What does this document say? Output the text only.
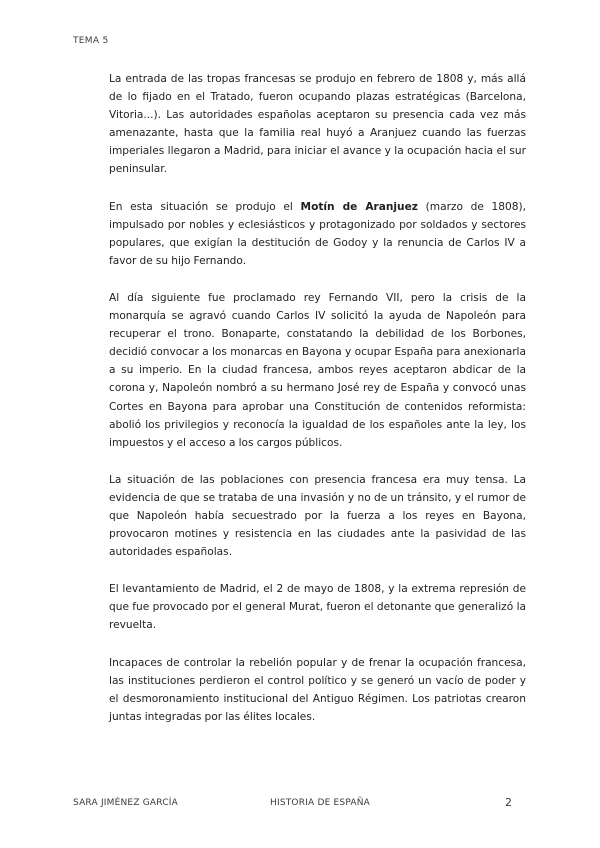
TEMA 5

La entrada de las tropas francesas se produjo en febrero de 1808 y, más allá de lo fijado en el Tratado, fueron ocupando plazas estratégicas (Barcelona, Vitoria...). Las autoridades españolas aceptaron su presencia cada vez más amenazante, hasta que la familia real huyó a Aranjuez cuando las fuerzas imperiales llegaron a Madrid, para iniciar el avance y la ocupación hacia el sur peninsular.

En esta situación se produjo el Motín de Aranjuez (marzo de 1808), impulsado por nobles y eclesiásticos y protagonizado por soldados y sectores populares, que exigían la destitución de Godoy y la renuncia de Carlos IV a favor de su hijo Fernando.

Al día siguiente fue proclamado rey Fernando VII, pero la crisis de la monarquía se agravó cuando Carlos IV solicitó la ayuda de Napoleón para recuperar el trono. Bonaparte, constatando la debilidad de los Borbones, decidió convocar a los monarcas en Bayona y ocupar España para anexionarla a su imperio. En la ciudad francesa, ambos reyes aceptaron abdicar de la corona y, Napoleón nombró a su hermano José rey de España y convocó unas Cortes en Bayona para aprobar una Constitución de contenidos reformista: abolió los privilegios y reconocía la igualdad de los españoles ante la ley, los impuestos y el acceso a los cargos públicos.

La situación de las poblaciones con presencia francesa era muy tensa. La evidencia de que se trataba de una invasión y no de un tránsito, y el rumor de que Napoleón había secuestrado por la fuerza a los reyes en Bayona, provocaron motines y resistencia en las ciudades ante la pasividad de las autoridades españolas.

El levantamiento de Madrid, el 2 de mayo de 1808, y la extrema represión de que fue provocado por el general Murat, fueron el detonante que generalizó la revuelta.

Incapaces de controlar la rebelión popular y de frenar la ocupación francesa, las instituciones perdieron el control político y se generó un vacío de poder y el desmoronamiento institucional del Antiguo Régimen. Los patriotas crearon juntas integradas por las élites locales.

SARA JIMÉNEZ GARCÍA	HISTORIA DE ESPAÑA	2
